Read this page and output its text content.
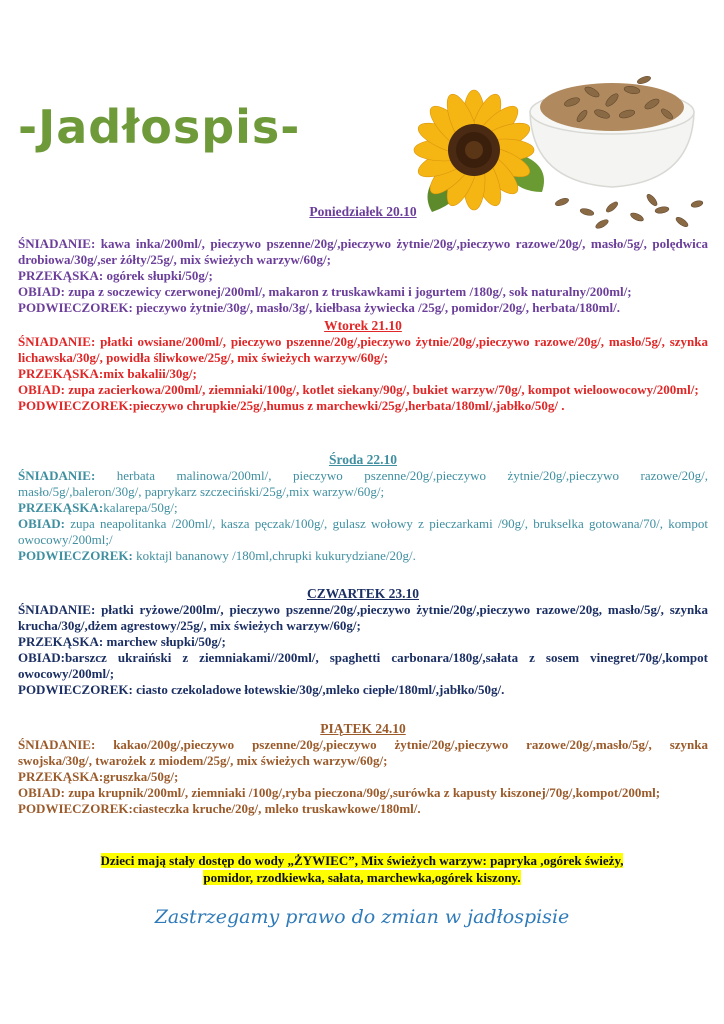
-Jadłospis-

Poniedziałek 20.10

ŚNIADANIE: kawa inka/200ml/, pieczywo pszenne/20g/,pieczywo żytnie/20g/,pieczywo razowe/20g/, masło/5g/, polędwica drobiowa/30g/,ser żółty/25g/, mix świeżych warzyw/60g/;

PRZEKĄSKA: ogórek słupki/50g/;

OBIAD: zupa z soczewicy czerwonej/200ml/, makaron z truskawkami i jogurtem /180g/, sok naturalny/200ml/;

PODWIECZOREK: pieczywo żytnie/30g/, masło/3g/, kiełbasa żywiecka /25g/, pomidor/20g/, herbata/180ml/.

Wtorek 21.10

ŚNIADANIE: płatki owsiane/200ml/, pieczywo pszenne/20g/,pieczywo żytnie/20g/,pieczywo razowe/20g/, masło/5g/, szynka lichawska/30g/, powidła śliwkowe/25g/, mix świeżych warzyw/60g/;

PRZEKĄSKA:mix bakalii/30g/;

OBIAD: zupa zacierkowa/200ml/, ziemniaki/100g/, kotlet siekany/90g/, bukiet warzyw/70g/, kompot wieloowocowy/200ml/;

PODWIECZOREK:pieczywo chrupkie/25g/,humus z marchewki/25g/,herbata/180ml/,jabłko/50g/ .

Środa 22.10

ŚNIADANIE: herbata malinowa/200ml/, pieczywo pszenne/20g/,pieczywo żytnie/20g/,pieczywo razowe/20g/, masło/5g/,baleron/30g/, paprykarz szczeciński/25g/,mix warzyw/60g/;

PRZEKĄSKA:kalarepa/50g/;

OBIAD: zupa neapolitanka /200ml/, kasza pęczak/100g/, gulasz wołowy z pieczarkami /90g/, brukselka gotowana/70/, kompot owocowy/200ml;/

PODWIECZOREK: koktajl bananowy /180ml,chrupki kukurydziane/20g/.

CZWARTEK 23.10

ŚNIADANIE: płatki ryżowe/200lm/, pieczywo pszenne/20g/,pieczywo żytnie/20g/,pieczywo razowe/20g, masło/5g/, szynka krucha/30g/,dżem agrestowy/25g/, mix świeżych warzyw/60g/;

PRZEKĄSKA: marchew słupki/50g/;

OBIAD:barszcz ukraiński z ziemniakami//200ml/, spaghetti carbonara/180g/,sałata z sosem vinegret/70g/,kompot owocowy/200ml/;

PODWIECZOREK: ciasto czekoladowe łotewskie/30g/,mleko ciepłe/180ml/,jabłko/50g/.

PIĄTEK 24.10

ŚNIADANIE: kakao/200g/,pieczywo pszenne/20g/,pieczywo żytnie/20g/,pieczywo razowe/20g/,masło/5g/, szynka swojska/30g/, twarożek z miodem/25g/, mix świeżych warzyw/60g/;

PRZEKĄSKA:gruszka/50g/;

OBIAD: zupa krupnik/200ml/, ziemniaki /100g/,ryba pieczona/90g/,surówka z kapusty kiszonej/70g/,kompot/200ml;

PODWIECZOREK:ciasteczka kruche/20g/, mleko truskawkowe/180ml/.

Dzieci mają stały dostęp do wody „ŻYWIEC”, Mix świeżych warzyw: papryka ,ogórek świeży,
pomidor, rzodkiewka, sałata, marchewka,ogórek kiszony.
Zastrzegamy prawo do zmian w jadłospisie
